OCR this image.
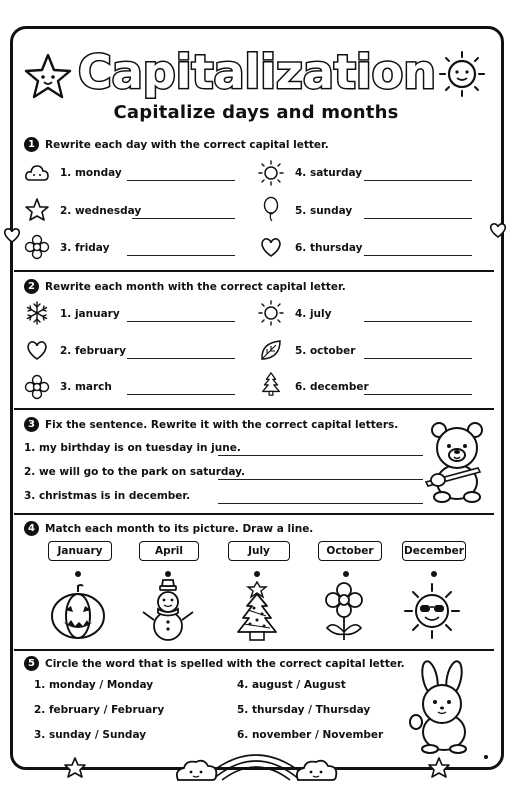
Capitalization
Capitalize days and months
1 Rewrite each day with the correct capital letter.
1. monday
2. wednesday
3. friday
4. saturday
5. sunday
6. thursday
2 Rewrite each month with the correct capital letter.
1. january
2. february
3. march
4. july
5. october
6. december
3 Fix the sentence. Rewrite it with the correct capital letters.
1. my birthday is on tuesday in june.
2. we will go to the park on saturday.
3. christmas is in december.
4 Match each month to its picture. Draw a line.
January	April	July	October	December
5 Circle the word that is spelled with the correct capital letter.
1. monday / Monday
2. february / February
3. sunday / Sunday
4. august / August
5. thursday / Thursday
6. november / November
